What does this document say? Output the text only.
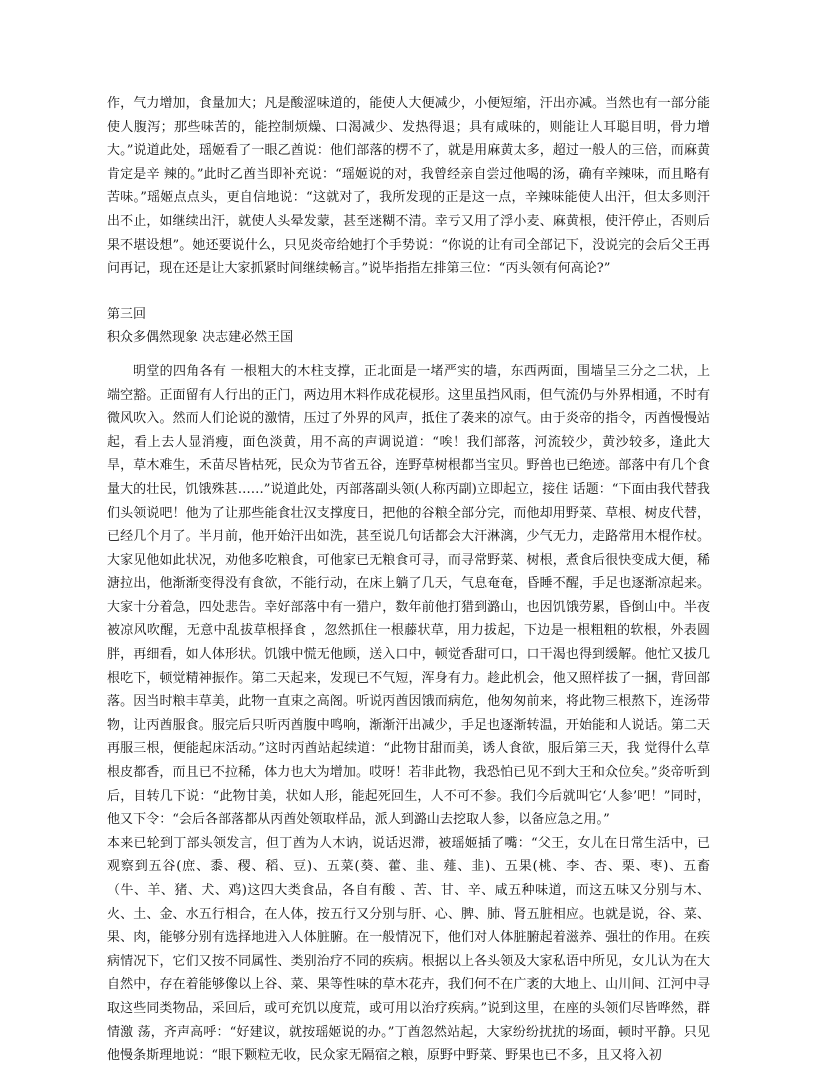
作，气力增加，食量加大；凡是酸涩味道的，能使人大便减少，小便短缩，汗出亦减。当然也有一部分能使人腹泻；那些味苦的，能控制烦燥、口渴减少、发热得退；具有咸味的，则能让人耳聪目明，骨力增大。”说道此处，瑶姬看了一眼乙酋说：他们部落的楞不了，就是用麻黄太多，超过一般人的三倍，而麻黄肯定是辛 辣的。”此时乙酋当即补充说：“瑶姬说的对，我曾经亲自尝过他喝的汤，确有辛辣味，而且略有苦味。”瑶姬点点头，更自信地说：“这就对了，我所发现的正是这一点，辛辣味能使人出汗，但太多则汗出不止，如继续出汗，就使人头晕发蒙，甚至迷糊不清。幸亏又用了浮小麦、麻黄根，使汗停止，否则后果不堪设想”。她还要说什么，只见炎帝给她打个手势说：“你说的让有司全部记下，没说完的会后父王再问再记，现在还是让大家抓紧时间继续畅言。”说毕指指左排第三位：“丙头领有何高论?”

第三回

积众多偶然现象 决志建必然王国

明堂的四角各有 一根粗大的木柱支撑，正北面是一堵严实的墙，东西两面，围墙呈三分之二状，上端空豁。正面留有人行出的正门，两边用木料作成花棂形。这里虽挡风雨，但气流仍与外界相通，不时有微风吹入。然而人们论说的激情，压过了外界的风声，抵住了袭来的凉气。由于炎帝的指令，丙酋慢慢站起，看上去人显消瘦，面色淡黄，用不高的声调说道：“唉！我们部落，河流较少，黄沙较多，逢此大旱，草木难生，禾苗尽皆枯死，民众为节省五谷，连野草树根都当宝贝。野兽也已绝迹。部落中有几个食量大的壮民，饥饿殊甚……”说道此处，丙部落副头领(人称丙副)立即起立，接住 话题：“下面由我代替我们头领说吧！他为了让那些能食壮汉支撑度日，把他的谷粮全部分完，而他却用野菜、草根、树皮代替，已经几个月了。半月前，他开始汗出如洗，甚至说几句话都会大汗淋漓，少气无力，走路常用木棍作杖。大家见他如此状况，劝他多吃粮食，可他家已无粮食可寻，而寻常野菜、树根，煮食后很快变成大便，稀溏拉出，他渐渐变得没有食欲，不能行动，在床上躺了几天，气息奄奄，昏睡不醒，手足也逐渐凉起来。大家十分着急，四处悲告。幸好部落中有一猎户，数年前他打猎到潞山，也因饥饿劳累，昏倒山中。半夜被凉风吹醒，无意中乱拔草根择食 ，忽然抓住一根藤状草，用力拔起，下边是一根粗粗的软根，外表圆胖，再细看，如人体形状。饥饿中慌无他顾，送入口中，顿觉香甜可口，口干渴也得到缓解。他忙又拔几根吃下，顿觉精神振作。第二天起来，发现已不气短，浑身有力。趁此机会，他又照样拔了一捆，背回部落。因当时粮丰草美，此物一直束之高阁。听说丙酋因饿而病危，他匆匆前来，将此物三根熬下，连汤带物，让丙酋服食。服完后只听丙酋腹中鸣响，渐渐汗出减少，手足也逐渐转温，开始能和人说话。第二天再服三根，便能起床活动。”这时丙酋站起续道：“此物甘甜而美，诱人食欲，服后第三天，我 觉得什么草根皮都香，而且已不拉稀，体力也大为增加。哎呀！若非此物，我恐怕已见不到大王和众位矣。”炎帝听到后，目转几下说：“此物甘美，状如人形，能起死回生，人不可不参。我们今后就叫它‘人参’吧！”同时，他又下令：“会后各部落都从丙酋处领取样品，派人到潞山去挖取人参，以备应急之用。”

本来已轮到丁部头领发言，但丁酋为人木讷，说话迟滞，被瑶姬插了嘴：“父王，女儿在日常生活中，已观察到五谷(庶、黍、稷、稻、豆)、五菜(葵、藿、韭、薤、韭)、五果(桃、李、杏、栗、枣)、五畜（牛、羊、猪、犬、鸡)这四大类食品，各自有酸 、苦、甘、辛、咸五种味道，而这五味又分别与木、火、土、金、水五行相合，在人体，按五行又分别与肝、心、脾、肺、肾五脏相应。也就是说，谷、菜、果、肉，能够分别有选择地进入人体脏腑。在一般情况下，他们对人体脏腑起着滋养、强壮的作用。在疾病情况下，它们又按不同属性、类别治疗不同的疾病。根据以上各头领及大家私语中所见，女儿认为在大自然中，存在着能够像以上谷、菜、果等性味的草木花卉，我们何不在广袤的大地上、山川间、江河中寻取这些同类物品，采回后，或可充饥以度荒，或可用以治疗疾病。”说到这里，在座的头领们尽皆哗然，群情激 荡，齐声高呼：“好建议，就按瑶姬说的办。”丁酋忽然站起，大家纷纷扰扰的场面，顿时平静。只见他慢条斯理地说：“眼下颗粒无收，民众家无隔宿之粮，原野中野菜、野果也已不多，且又将入初
